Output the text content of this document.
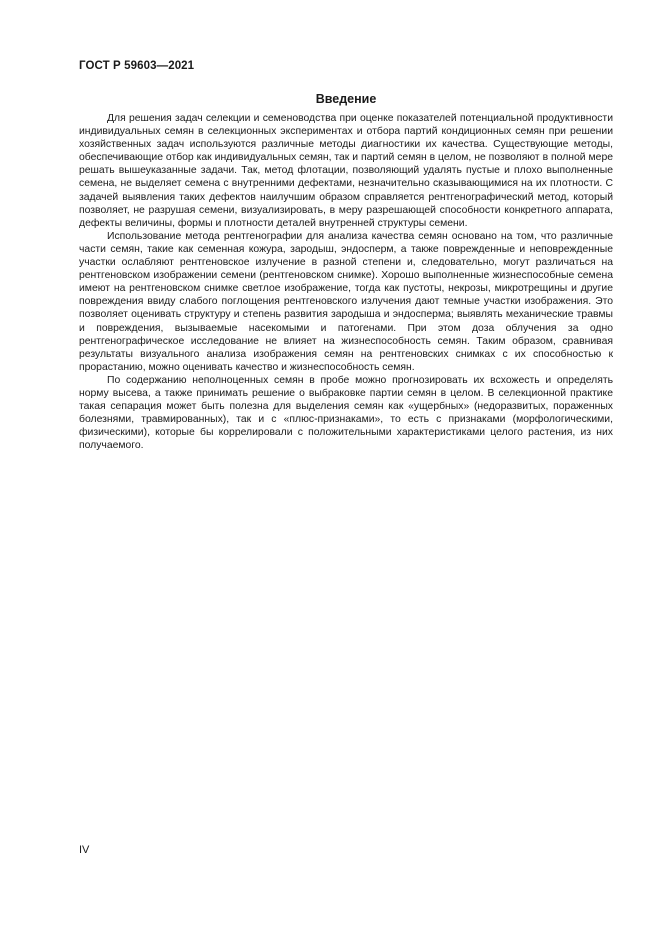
ГОСТ Р 59603—2021
Введение

Для решения задач селекции и семеноводства при оценке показателей потенциальной продуктивности индивидуальных семян в селекционных экспериментах и отбора партий кондиционных семян при решении хозяйственных задач используются различные методы диагностики их качества. Существующие методы, обеспечивающие отбор как индивидуальных семян, так и партий семян в целом, не позволяют в полной мере решать вышеуказанные задачи. Так, метод флотации, позволяющий удалять пустые и плохо выполненные семена, не выделяет семена с внутренними дефектами, незначительно сказывающимися на их плотности. С задачей выявления таких дефектов наилучшим образом справляется рентгенографический метод, который позволяет, не разрушая семени, визуализировать, в меру разрешающей способности конкретного аппарата, дефекты величины, формы и плотности деталей внутренней структуры семени.

Использование метода рентгенографии для анализа качества семян основано на том, что различные части семян, такие как семенная кожура, зародыш, эндосперм, а также поврежденные и неповрежденные участки ослабляют рентгеновское излучение в разной степени и, следовательно, могут различаться на рентгеновском изображении семени (рентгеновском снимке). Хорошо выполненные жизнеспособные семена имеют на рентгеновском снимке светлое изображение, тогда как пустоты, некрозы, микротрещины и другие повреждения ввиду слабого поглощения рентгеновского излучения дают темные участки изображения. Это позволяет оценивать структуру и степень развития зародыша и эндосперма; выявлять механические травмы и повреждения, вызываемые насекомыми и патогенами. При этом доза облучения за одно рентгенографическое исследование не влияет на жизнеспособность семян. Таким образом, сравнивая результаты визуального анализа изображения семян на рентгеновских снимках с их способностью к прорастанию, можно оценивать качество и жизнеспособность семян.

По содержанию неполноценных семян в пробе можно прогнозировать их всхожесть и определять норму высева, а также принимать решение о выбраковке партии семян в целом. В селекционной практике такая сепарация может быть полезна для выделения семян как «ущербных» (недоразвитых, пораженных болезнями, травмированных), так и с «плюс-признаками», то есть с признаками (морфологическими, физическими), которые бы коррелировали с положительными характеристиками целого растения, из них получаемого.

IV
